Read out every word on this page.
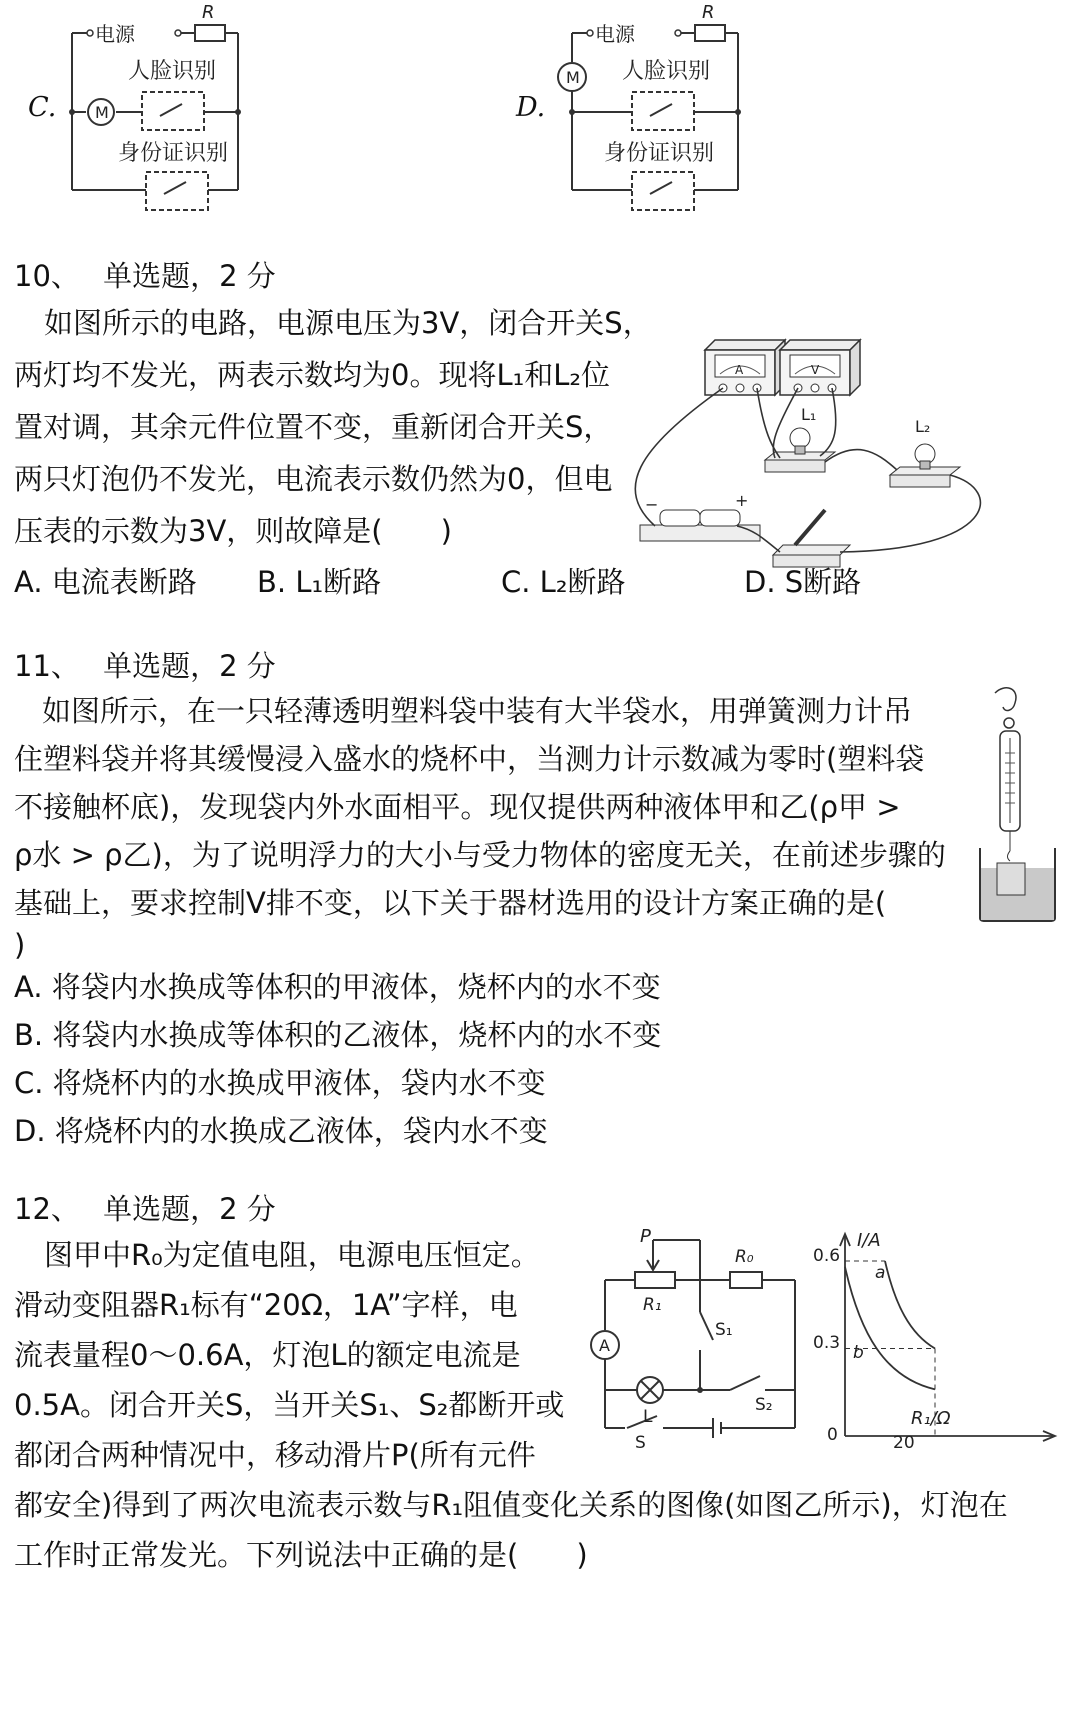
C.
电源
R
M
人脸识别
身份证识别
D.
电源
R
M 人脸识别
身份证识别
10、 单选题，2 分
如图所示的电路，电源电压为3V，闭合开关S，
两灯均不发光，两表示数均为0。现将L₁和L₂位
置对调，其余元件位置不变，重新闭合开关S，
两只灯泡仍不发光，电流表示数仍然为0，但电
压表的示数为3V，则故障是(　　)
A	V
L₁
L₂
−	+
A. 电流表断路 B. L₁断路	C. L₂断路	D. S断路
11、 单选题，2 分
如图所示，在一只轻薄透明塑料袋中装有大半袋水，用弹簧测力计吊
住塑料袋并将其缓慢浸入盛水的烧杯中，当测力计示数减为零时(塑料袋
不接触杯底)，发现袋内外水面相平。现仅提供两种液体甲和乙(ρ甲 >
ρ水 > ρ乙)，为了说明浮力的大小与受力物体的密度无关，在前述步骤的
基础上，要求控制V排不变，以下关于器材选用的设计方案正确的是(
)
A. 将袋内水换成等体积的甲液体，烧杯内的水不变
B. 将袋内水换成等体积的乙液体，烧杯内的水不变
C. 将烧杯内的水换成甲液体，袋内水不变
D. 将烧杯内的水换成乙液体，袋内水不变
12、 单选题，2 分
图甲中R₀为定值电阻，电源电压恒定。
滑动变阻器R₁标有“20Ω，1A”字样，电
流表量程0～0.6A，灯泡L的额定电流是
0.5A。闭合开关S，当开关S₁、S₂都断开或
都闭合两种情况中，移动滑片P(所有元件
都安全)得到了两次电流表示数与R₁阻值变化关系的图像(如图乙所示)，灯泡在
工作时正常发光。下列说法中正确的是(　　)
P
R₁
R₀
S₁
S₂
L
S
A
I/A
R₁/Ω
0.6
0.3
0	20
a
b
